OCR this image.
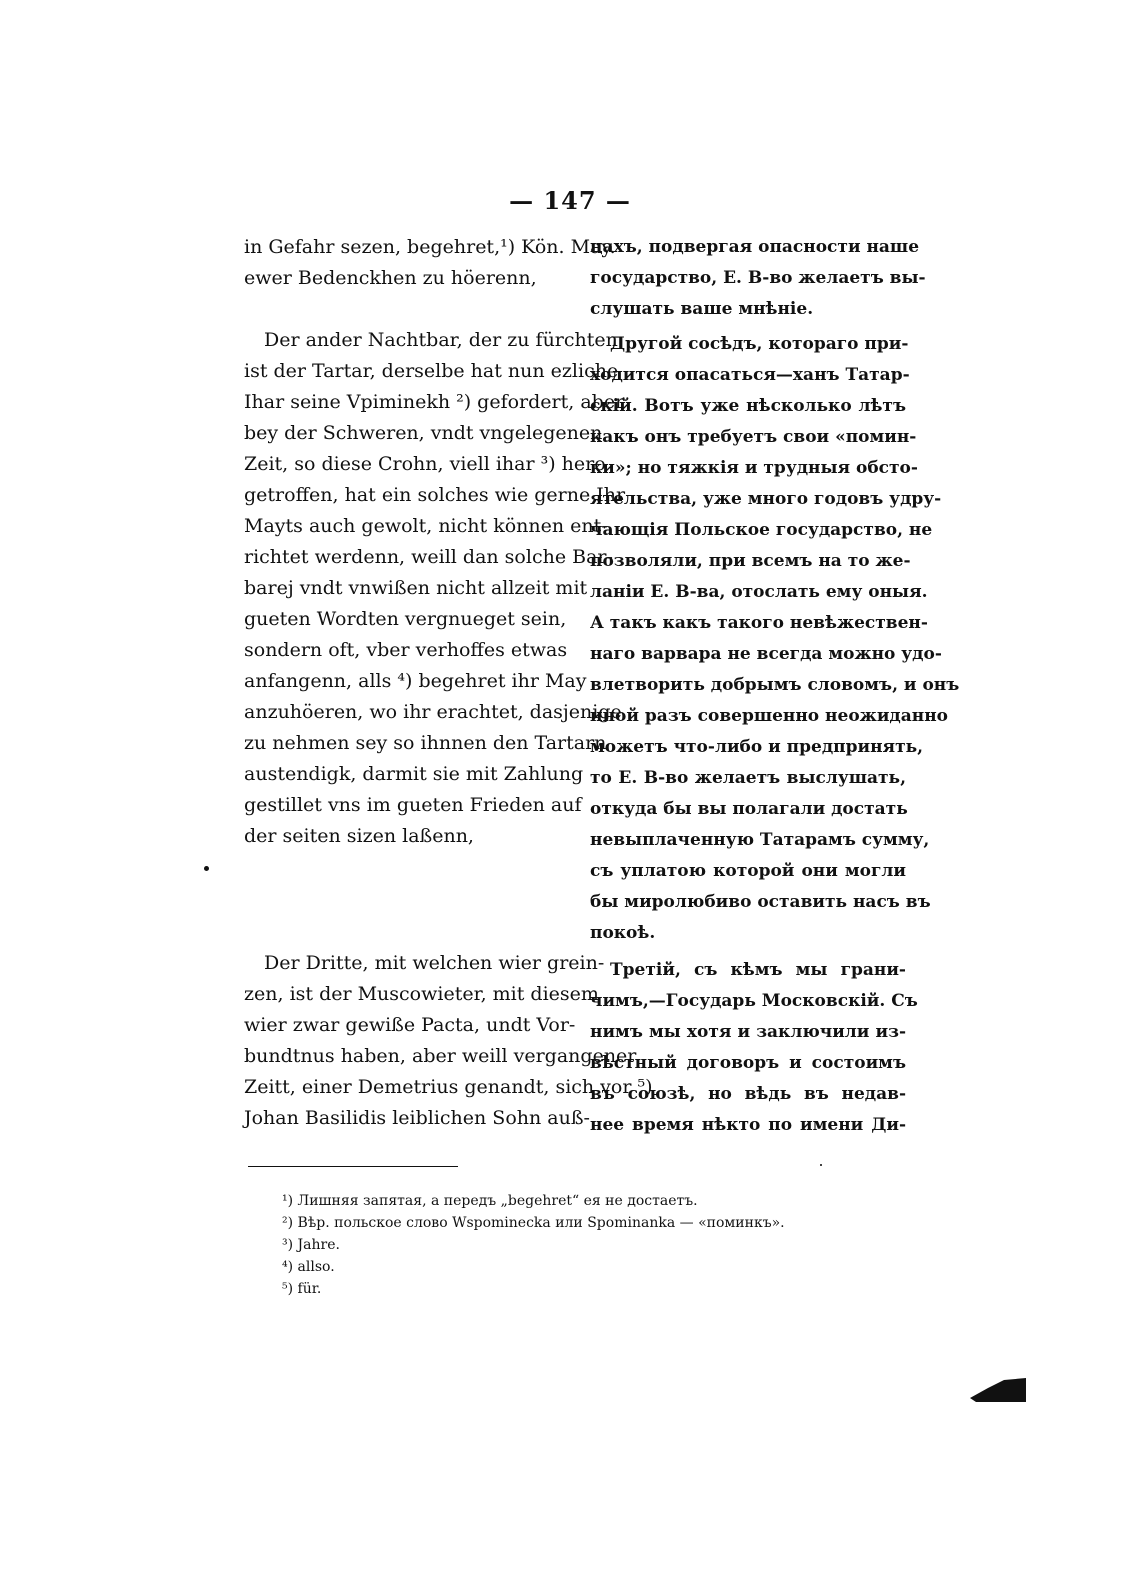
— 147 —
in Gefahr sezen, begehret,¹) Kön. May.
ewer Bedenckhen zu höerenn,
Der ander Nachtbar, der zu fürchten
ist der Tartar, derselbe hat nun ezliche
Ihar seine Vpiminekh ²) gefordert, aber
bey der Schweren, vndt vngelegenen
Zeit, so diese Crohn, viell ihar ³) hero
getroffen, hat ein solches wie gerne Ihr
Mayts auch gewolt, nicht können ent-
richtet werdenn, weill dan solche Bar-
barej vndt vnwißen nicht allzeit mit
gueten Wordten vergnueget sein,
sondern oft, vber verhoffes etwas
anfangenn, alls ⁴) begehret ihr May
anzuhöeren, wo ihr erachtet, dasjenige
zu nehmen sey so ihnnen den Tartarn
austendigk, darmit sie mit Zahlung
gestillet vns im gueten Frieden auf
der seiten sizen laßenn,
Der Dritte, mit welchen wier grein-
zen, ist der Muscowieter, mit diesem
wier zwar gewiße Pacta, undt Vor-
bundtnus haben, aber weill vergangener
Zeitt, einer Demetrius genandt, sich vor ⁵)
Johan Basilidis leiblichen Sohn auß-
цахъ, подвергая опасности наше
государство, Е. В-во желаетъ вы-
слушать ваше мнѣніе.
Другой сосѣдъ, котораго при-
ходится опасаться—ханъ Татар-
скій. Вотъ уже нѣсколько лѣтъ
какъ онъ требуетъ свои «помин-
ки»; но тяжкія и трудныя обсто-
ятельства, уже много годовъ удру-
чающія Польское государство, не
позволяли, при всемъ на то же-
ланіи Е. В-ва, отослать ему оныя.
А такъ какъ такого невѣжествен-
наго варвара не всегда можно удо-
влетворить добрымъ словомъ, и онъ
иной разъ совершенно неожиданно
можетъ что-либо и предпринять,
то Е. В-во желаетъ выслушать,
откуда бы вы полагали достать
невыплаченную Татарамъ сумму,
съ уплатою которой они могли
бы миролюбиво оставить насъ въ
покоѣ.
Третій, съ кѣмъ мы грани-
чимъ,—Государь Московскій. Съ
нимъ мы хотя и заключили из-
вѣстный договоръ и состоимъ
въ союзѣ, но вѣдь въ недав-
нее время нѣкто по имени Ди-
¹) Лишняя запятая, а передъ „begehret“ ея не достаетъ.
²) Вѣр. польское слово Wspominecka или Spominanka — «поминкъ».
³) Jahre.
⁴) allso.
⁵) für.
